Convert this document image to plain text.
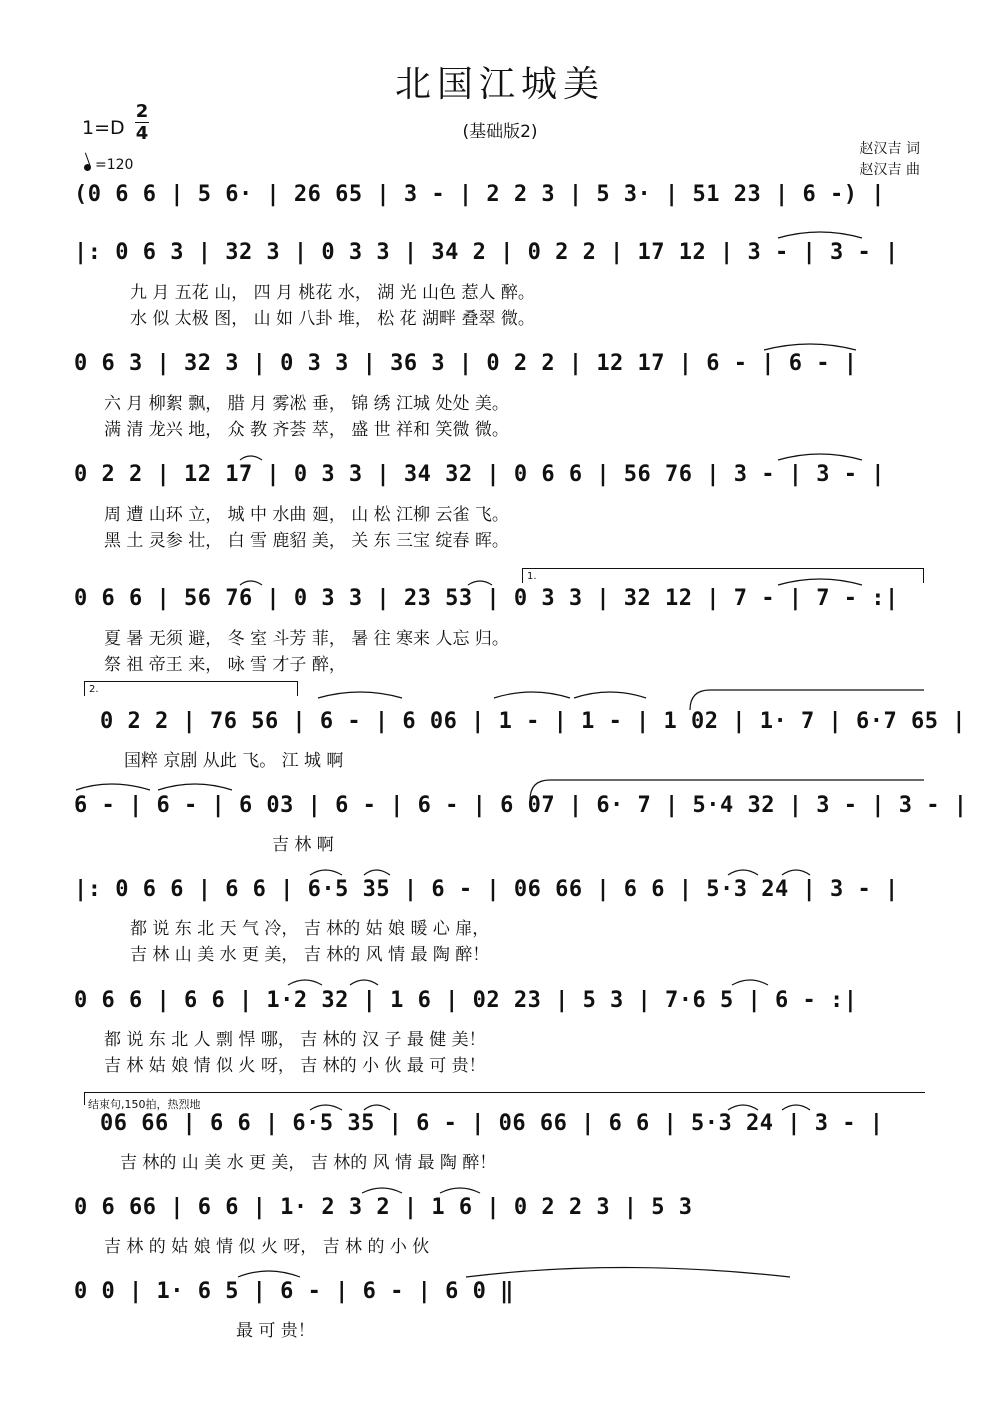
北国江城美
(基础版2)
1=D
2
4
=120
赵汉吉 词
赵汉吉 曲
1.
2.
结束句,150拍，热烈地
(0 6 6 | 5 6· | 26 65 | 3 - | 2 2 3 | 5 3· | 51 23 | 6 -) |
|: 0 6 3 | 32 3 | 0 3 3 | 34 2 | 0 2 2 | 17 12 | 3 - | 3 - |
九 月 五花 山， 四 月 桃花 水， 湖 光 山色 惹人 醉。
水 似 太极 图， 山 如 八卦 堆， 松 花 湖畔 叠翠 微。
0 6 3 | 32 3 | 0 3 3 | 36 3 | 0 2 2 | 12 17 | 6 - | 6 - |
六 月 柳絮 飘， 腊 月 雾凇 垂， 锦 绣 江城 处处 美。
满 清 龙兴 地， 众 教 齐荟 萃， 盛 世 祥和 笑微 微。
0 2 2 | 12 17 | 0 3 3 | 34 32 | 0 6 6 | 56 76 | 3 - | 3 - |
周 遭 山环 立， 城 中 水曲 廻， 山 松 江柳 云雀 飞。
黑 土 灵参 壮， 白 雪 鹿貂 美， 关 东 三宝 绽春 晖。
0 6 6 | 56 76 | 0 3 3 | 23 53 | 0 3 3 | 32 12 | 7 - | 7 - :|
夏 暑 无须 避， 冬 室 斗芳 菲， 暑 往 寒来 人忘 归。
祭 祖 帝王 来， 咏 雪 才子 醉，
0 2 2 | 76 56 | 6 - | 6 06 | 1 - | 1 - | 1 02 | 1· 7 | 6·7 65 |
国粹 京剧 从此 飞。 江 城 啊
6 - | 6 - | 6 03 | 6 - | 6 - | 6 07 | 6· 7 | 5·4 32 | 3 - | 3 - |
吉 林 啊
|: 0 6 6 | 6 6 | 6·5 35 | 6 - | 06 66 | 6 6 | 5·3 24 | 3 - |
都 说 东 北 天 气 冷， 吉 林的 姑 娘 暖 心 扉，
吉 林 山 美 水 更 美， 吉 林的 风 情 最 陶 醉！
0 6 6 | 6 6 | 1·2 32 | 1 6 | 02 23 | 5 3 | 7·6 5 | 6 - :|
都 说 东 北 人 剽 悍 哪， 吉 林的 汉 子 最 健 美！
吉 林 姑 娘 情 似 火 呀， 吉 林的 小 伙 最 可 贵！
06 66 | 6 6 | 6·5 35 | 6 - | 06 66 | 6 6 | 5·3 24 | 3 - |
吉 林的 山 美 水 更 美， 吉 林的 风 情 最 陶 醉！
0 6 66 | 6 6 | 1· 2 3 2 | 1 6 | 0 2 2 3 | 5 3
吉 林 的 姑 娘 情 似 火 呀， 吉 林 的 小 伙
0 0 | 1· 6 5 | 6 - | 6 - | 6 0 ‖
最 可 贵！
